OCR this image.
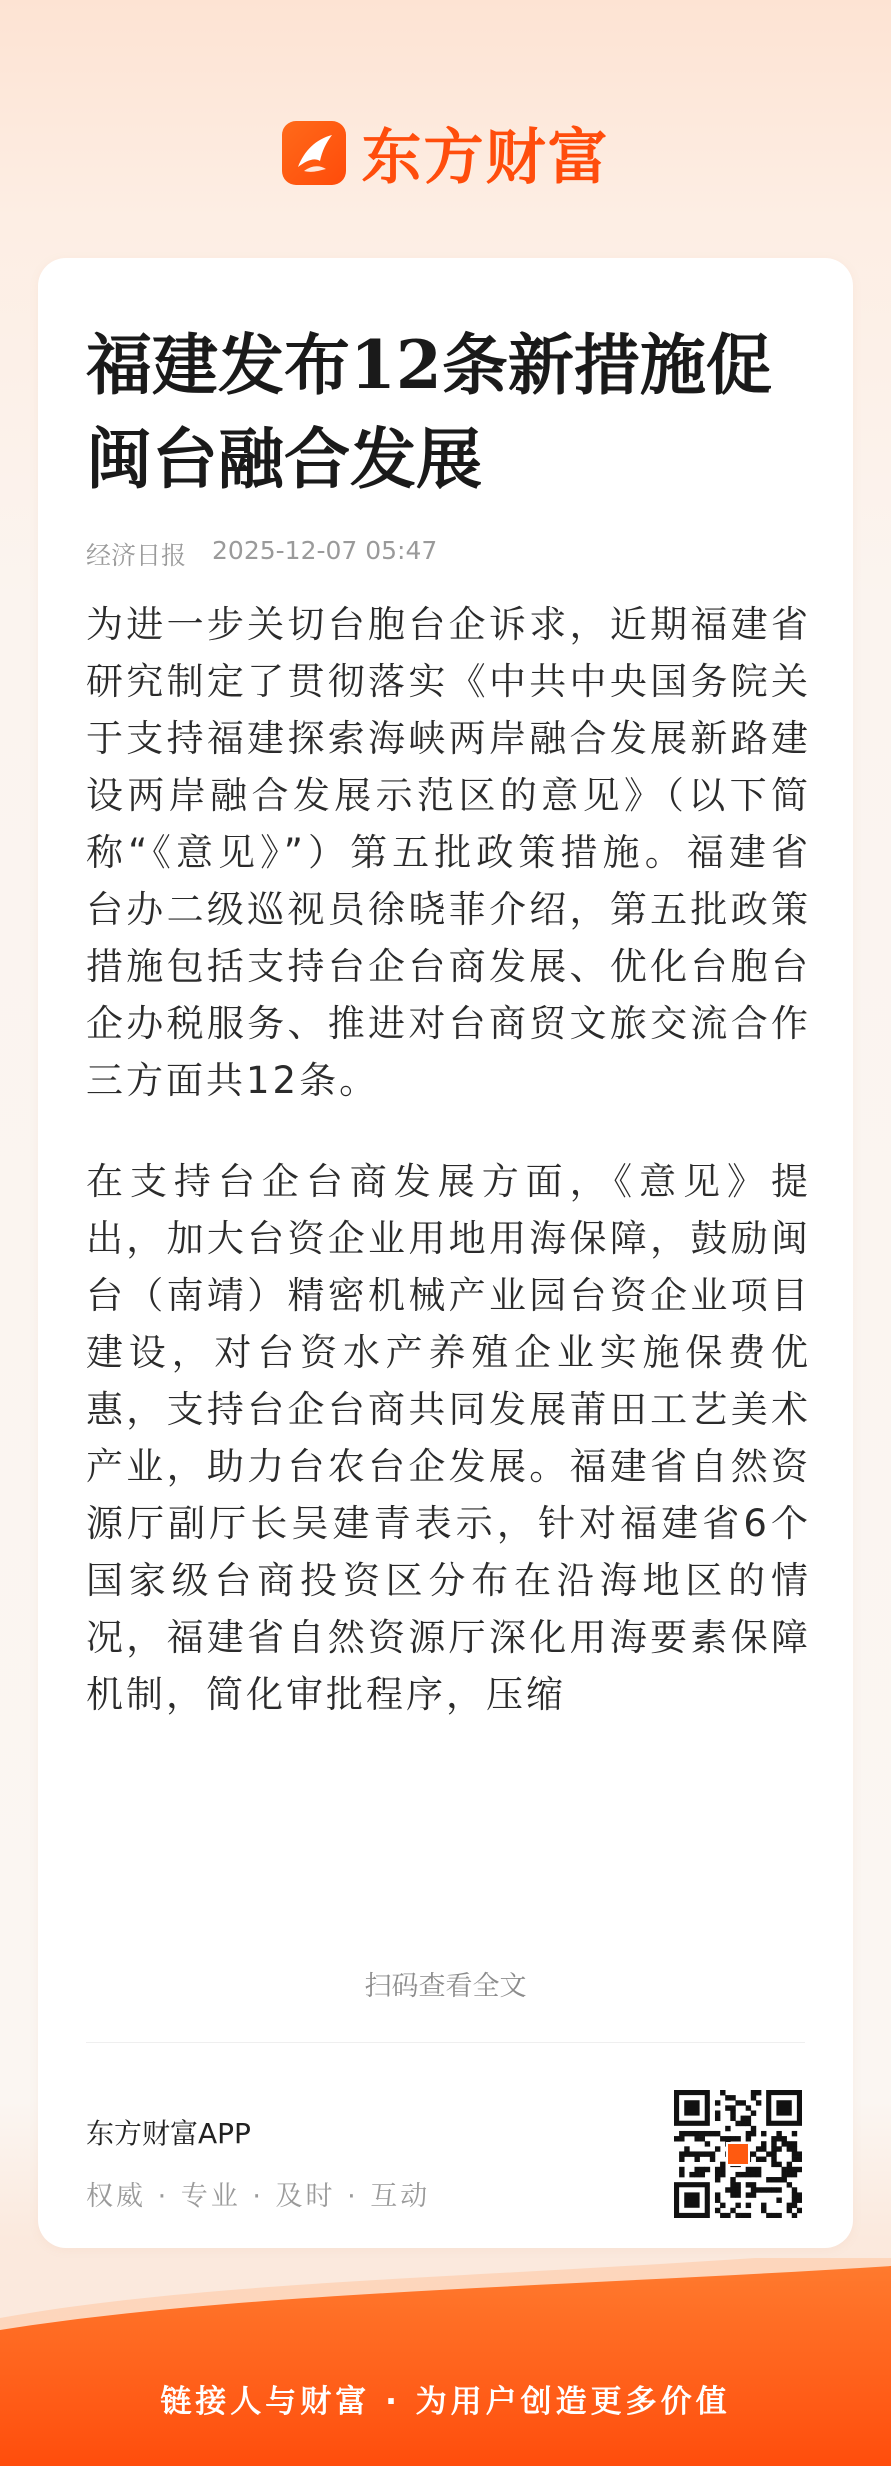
东方财富
福建发布12条新措施促闽台融合发展
经济日报 2025-12-07 05:47

为进一步关切台胞台企诉求，近期福建省研究制定了贯彻落实《中共中央国务院关于支持福建探索海峡两岸融合发展新路建设两岸融合发展示范区的意见》（以下简称“《意见》”）第五批政策措施。福建省台办二级巡视员徐晓菲介绍，第五批政策措施包括支持台企台商发展、优化台胞台企办税服务、推进对台商贸文旅交流合作三方面共12条。

在支持台企台商发展方面，《意见》提出，加大台资企业用地用海保障，鼓励闽台（南靖）精密机械产业园台资企业项目建设，对台资水产养殖企业实施保费优惠，支持台企台商共同发展莆田工艺美术产业，助力台农台企发展。福建省自然资源厅副厅长吴建青表示，针对福建省6个国家级台商投资区分布在沿海地区的情况，福建省自然资源厅深化用海要素保障机制，简化审批程序，压缩

扫码查看全文
东方财富APP
权威 · 专业 · 及时 · 互动
链接人与财富 · 为用户创造更多价值
